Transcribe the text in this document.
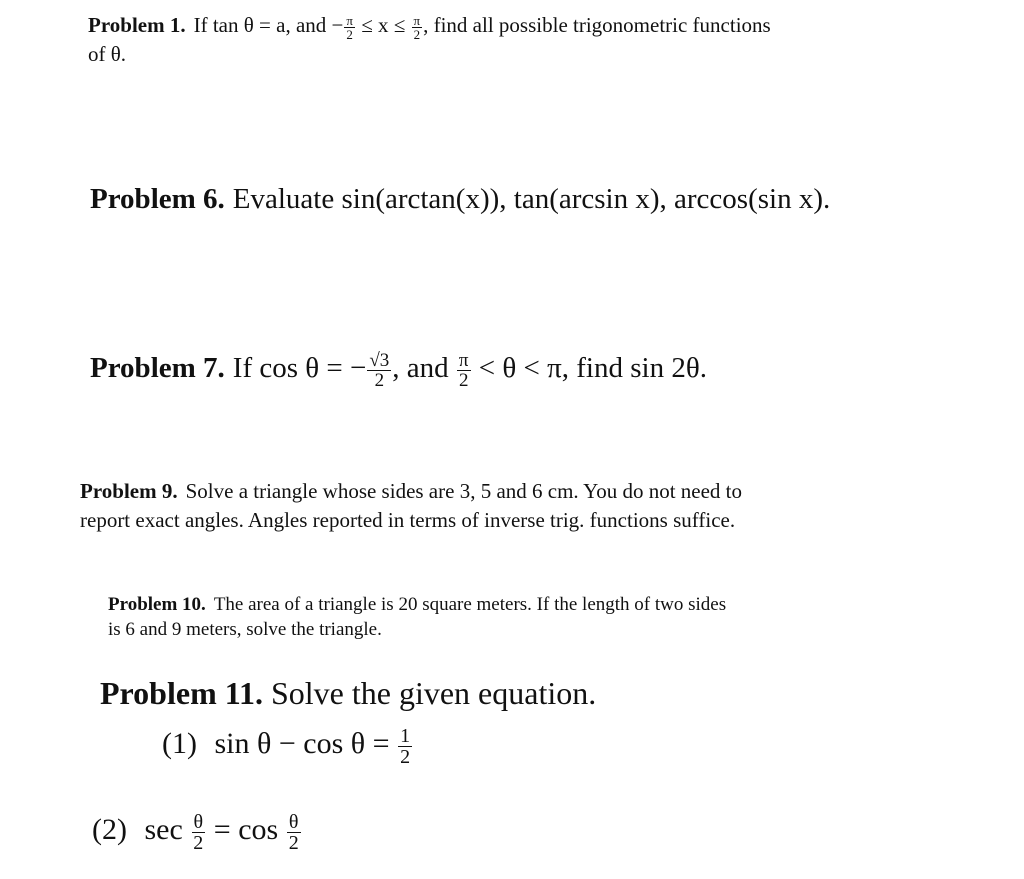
Problem 1. If tan θ = a, and − $\frac{\pi}{2} \le x \le \frac{\pi}{2}$ , find all possible trigonometric functions
of θ.
Problem 6. Evaluate sin(arctan(x)), tan(arcsin x), arccos(sin x).
Problem 7. If cos θ = − $\frac{√3}{2}$ , and $\frac{\pi}{2} < \theta < \pi$, find sin 2θ.
Problem 9. Solve a triangle whose sides are 3, 5 and 6 cm. You do not need to
report exact angles. Angles reported in terms of inverse trig. functions suffice.
Problem 10. The area of a triangle is 20 square meters. If the length of two sides
is 6 and 9 meters, solve the triangle.
Problem 11. Solve the given equation.
(1) $\sin \theta - \cos \theta = \frac{1}{2}$
(2) $\sec \frac{\theta}{2} = \cos \frac{\theta}{2}$
